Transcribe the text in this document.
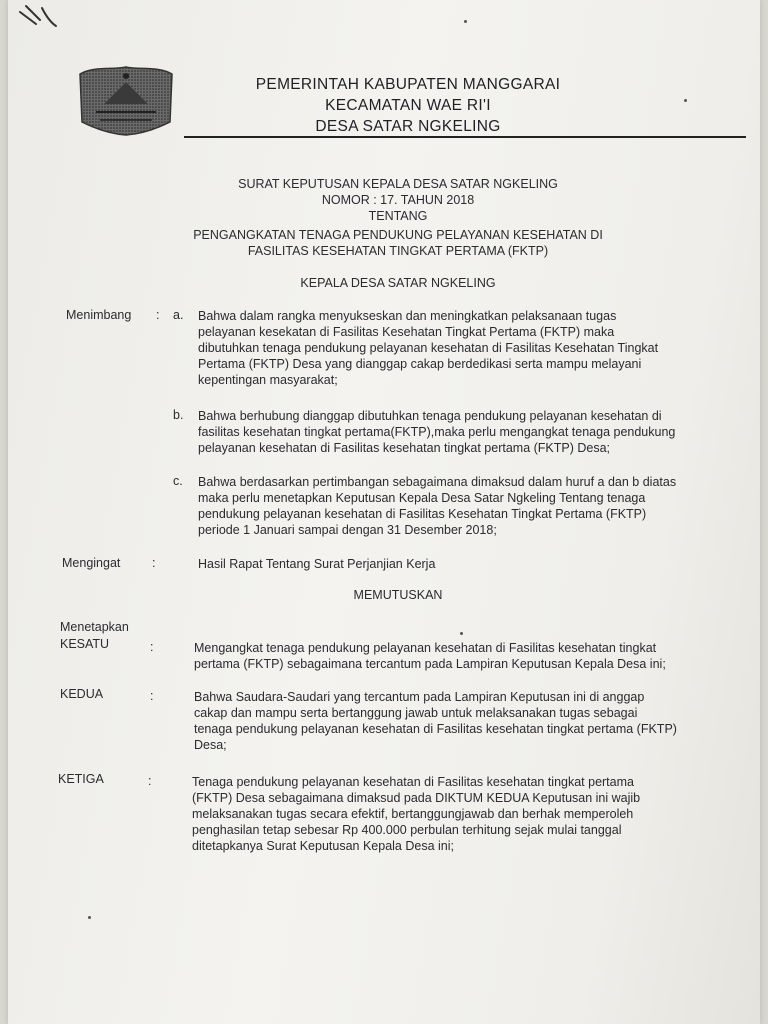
PEMERINTAH KABUPATEN MANGGARAI
KECAMATAN WAE RI'I
DESA SATAR NGKELING
SURAT KEPUTUSAN KEPALA DESA SATAR NGKELING
NOMOR : 17. TAHUN 2018
TENTANG
PENGANGKATAN TENAGA PENDUKUNG PELAYANAN KESEHATAN DI
FASILITAS KESEHATAN TINGKAT PERTAMA (FKTP)
KEPALA DESA SATAR NGKELING
Menimbang : a. Bahwa dalam rangka menyukseskan dan meningkatkan pelaksanaan tugas
pelayanan kesekatan di Fasilitas Kesehatan Tingkat Pertama (FKTP) maka
dibutuhkan tenaga pendukung pelayanan kesehatan di Fasilitas Kesehatan Tingkat
Pertama (FKTP) Desa yang dianggap cakap berdedikasi serta mampu melayani
kepentingan masyarakat;
b. Bahwa berhubung dianggap dibutuhkan tenaga pendukung pelayanan kesehatan di
fasilitas kesehatan tingkat pertama(FKTP),maka perlu mengangkat tenaga pendukung
pelayanan kesehatan di Fasilitas kesehatan tingkat pertama (FKTP) Desa;
c. Bahwa berdasarkan pertimbangan sebagaimana dimaksud dalam huruf a dan b diatas
maka perlu menetapkan Keputusan Kepala Desa Satar Ngkeling Tentang tenaga
pendukung pelayanan kesehatan di Fasilitas Kesehatan Tingkat Pertama (FKTP)
periode 1 Januari sampai dengan 31 Desember 2018;
Mengingat	:	Hasil Rapat Tentang Surat Perjanjian Kerja
MEMUTUSKAN
Menetapkan
KESATU	:	Mengangkat tenaga pendukung pelayanan kesehatan di Fasilitas kesehatan tingkat
pertama (FKTP) sebagaimana tercantum pada Lampiran Keputusan Kepala Desa ini;
KEDUA	:	Bahwa Saudara-Saudari yang tercantum pada Lampiran Keputusan ini di anggap
cakap dan mampu serta bertanggung jawab untuk melaksanakan tugas sebagai
tenaga pendukung pelayanan kesehatan di Fasilitas kesehatan tingkat pertama (FKTP)
Desa;
KETIGA	:	Tenaga pendukung pelayanan kesehatan di Fasilitas kesehatan tingkat pertama
(FKTP) Desa sebagaimana dimaksud pada DIKTUM KEDUA Keputusan ini wajib
melaksanakan tugas secara efektif, bertanggungjawab dan berhak memperoleh
penghasilan tetap sebesar Rp 400.000 perbulan terhitung sejak mulai tanggal
ditetapkanya Surat Keputusan Kepala Desa ini;
